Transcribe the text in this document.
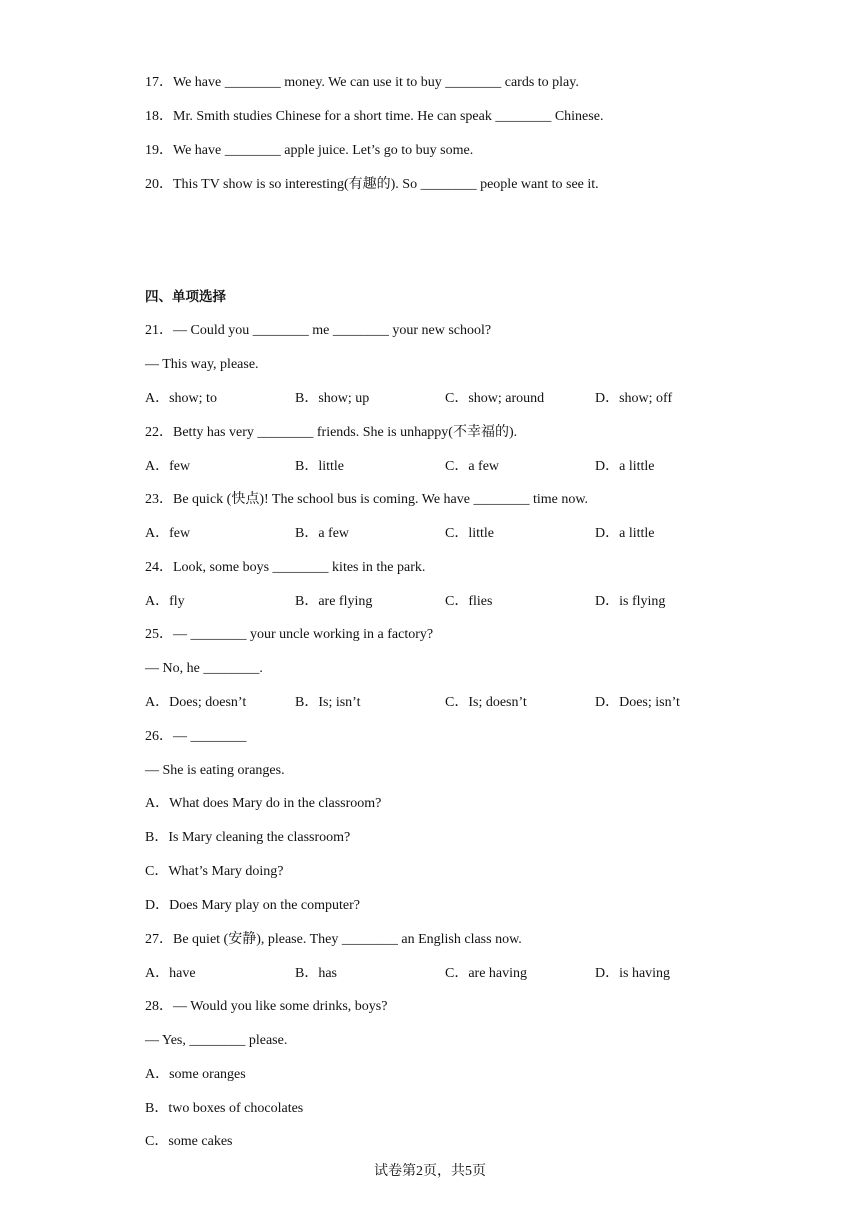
17．We have ________ money. We can use it to buy ________ cards to play.
18．Mr. Smith studies Chinese for a short time. He can speak ________ Chinese.
19．We have ________ apple juice. Let’s go to buy some.
20．This TV show is so interesting(有趣的). So ________ people want to see it.
四、单项选择
21．— Could you ________ me ________ your new school?
— This way, please.
A．show; to	B．show; up	C．show; around	D．show; off
22．Betty has very ________ friends. She is unhappy(不幸福的).
A．few	B．little	C．a few	D．a little
23．Be quick (快点)! The school bus is coming. We have ________ time now.
A．few	B．a few	C．little	D．a little
24．Look, some boys ________ kites in the park.
A．fly	B．are flying	C．flies	D．is flying
25．— ________ your uncle working in a factory?
— No, he ________.
A．Does; doesn’t	B．Is; isn’t	C．Is; doesn’t	D．Does; isn’t
26．— ________
— She is eating oranges.
A．What does Mary do in the classroom?
B．Is Mary cleaning the classroom?
C．What’s Mary doing?
D．Does Mary play on the computer?
27．Be quiet (安静), please. They ________ an English class now.
A．have	B．has	C．are having	D．is having
28．— Would you like some drinks, boys?
— Yes, ________ please.
A．some oranges
B．two boxes of chocolates
C．some cakes
试卷第2页，共5页
